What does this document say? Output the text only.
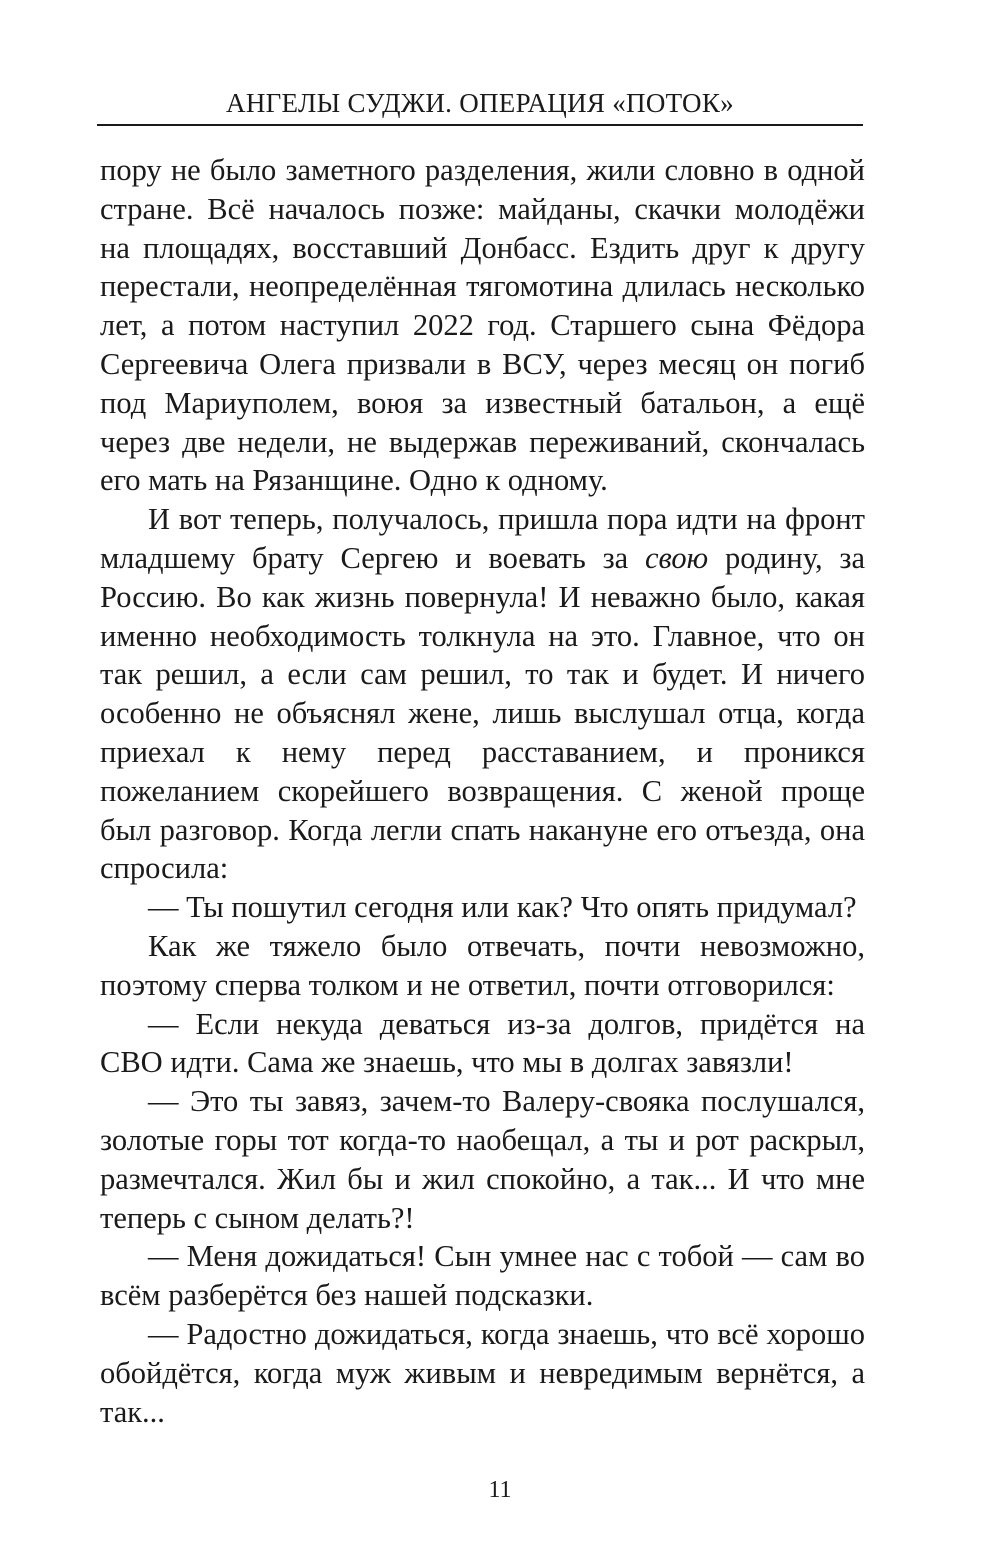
АНГЕЛЫ СУДЖИ. ОПЕРАЦИЯ «ПОТОК»

пору не было заметного разделения, жили словно в одной стране. Всё началось позже: майданы, скачки молодёжи на площадях, восставший Донбасс. Ездить друг к другу перестали, неопределённая тягомотина длилась несколько лет, а потом наступил 2022 год. Старшего сына Фёдора Сергеевича Олега призвали в ВСУ, через месяц он погиб под Мариуполем, воюя за известный батальон, а ещё через две недели, не выдержав переживаний, скончалась его мать на Рязанщине. Одно к одному.

И вот теперь, получалось, пришла пора идти на фронт младшему брату Сергею и воевать за свою родину, за Россию. Во как жизнь повернула! И неважно было, какая именно необходимость толкнула на это. Главное, что он так решил, а если сам решил, то так и будет. И ничего особенно не объяснял жене, лишь выслушал отца, когда приехал к нему перед расставанием, и проникся пожеланием скорейшего возвращения. С женой проще был разговор. Когда легли спать накануне его отъезда, она спросила:

— Ты пошутил сегодня или как? Что опять придумал?

Как же тяжело было отвечать, почти невозможно, поэтому сперва толком и не ответил, почти отговорился:

— Если некуда деваться из-за долгов, придётся на СВО идти. Сама же знаешь, что мы в долгах завязли!

— Это ты завяз, зачем-то Валеру-свояка послушался, золотые горы тот когда-то наобещал, а ты и рот раскрыл, размечтался. Жил бы и жил спокойно, а так... И что мне теперь с сыном делать?!

— Меня дожидаться! Сын умнее нас с тобой — сам во всём разберётся без нашей подсказки.

— Радостно дожидаться, когда знаешь, что всё хорошо обойдётся, когда муж живым и невредимым вернётся, а так...

11
